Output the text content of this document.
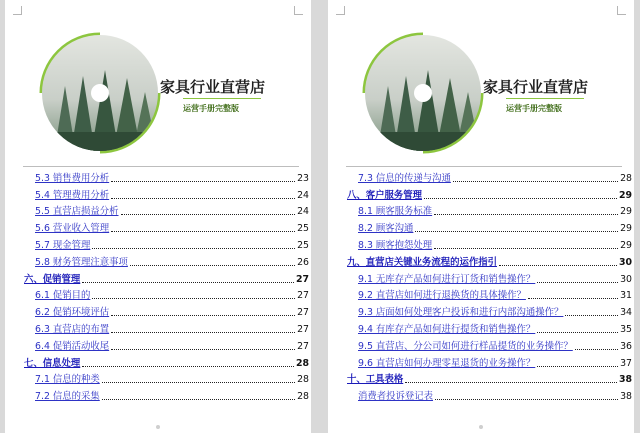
家具行业直营店
运营手册完整版
5.3 销售费用分析	23
5.4 管理费用分析	24
5.5 直营店损益分析	24
5.6 营业收入管理	25
5.7 现金管理	25
5.8 财务管理注意事项	26
六、促销管理	27
6.1 促销目的	27
6.2 促销环境评估	27
6.3 直营店的布置	27
6.4 促销活动收尾	27
七、信息处理	28
7.1 信息的种类	28
7.2 信息的采集	28
家具行业直营店
运营手册完整版
7.3 信息的传递与沟通	28
八、客户服务管理	29
8.1 顾客服务标准	29
8.2 顾客沟通	29
8.3 顾客抱怨处理	29
九、直营店关键业务流程的运作指引	30
9.1 无库存产品如何进行订货和销售操作？	30
9.2 直营店如何进行退换货的具体操作？	31
9.3 店面如何处理客户投诉和进行内部沟通操作？	34
9.4 有库存产品如何进行提货和销售操作？	35
9.5 直营店、分公司如何进行样品提货的业务操作？	36
9.6 直营店如何办理零星退货的业务操作？	37
十、工具表格	38
消费者投诉登记表	38
